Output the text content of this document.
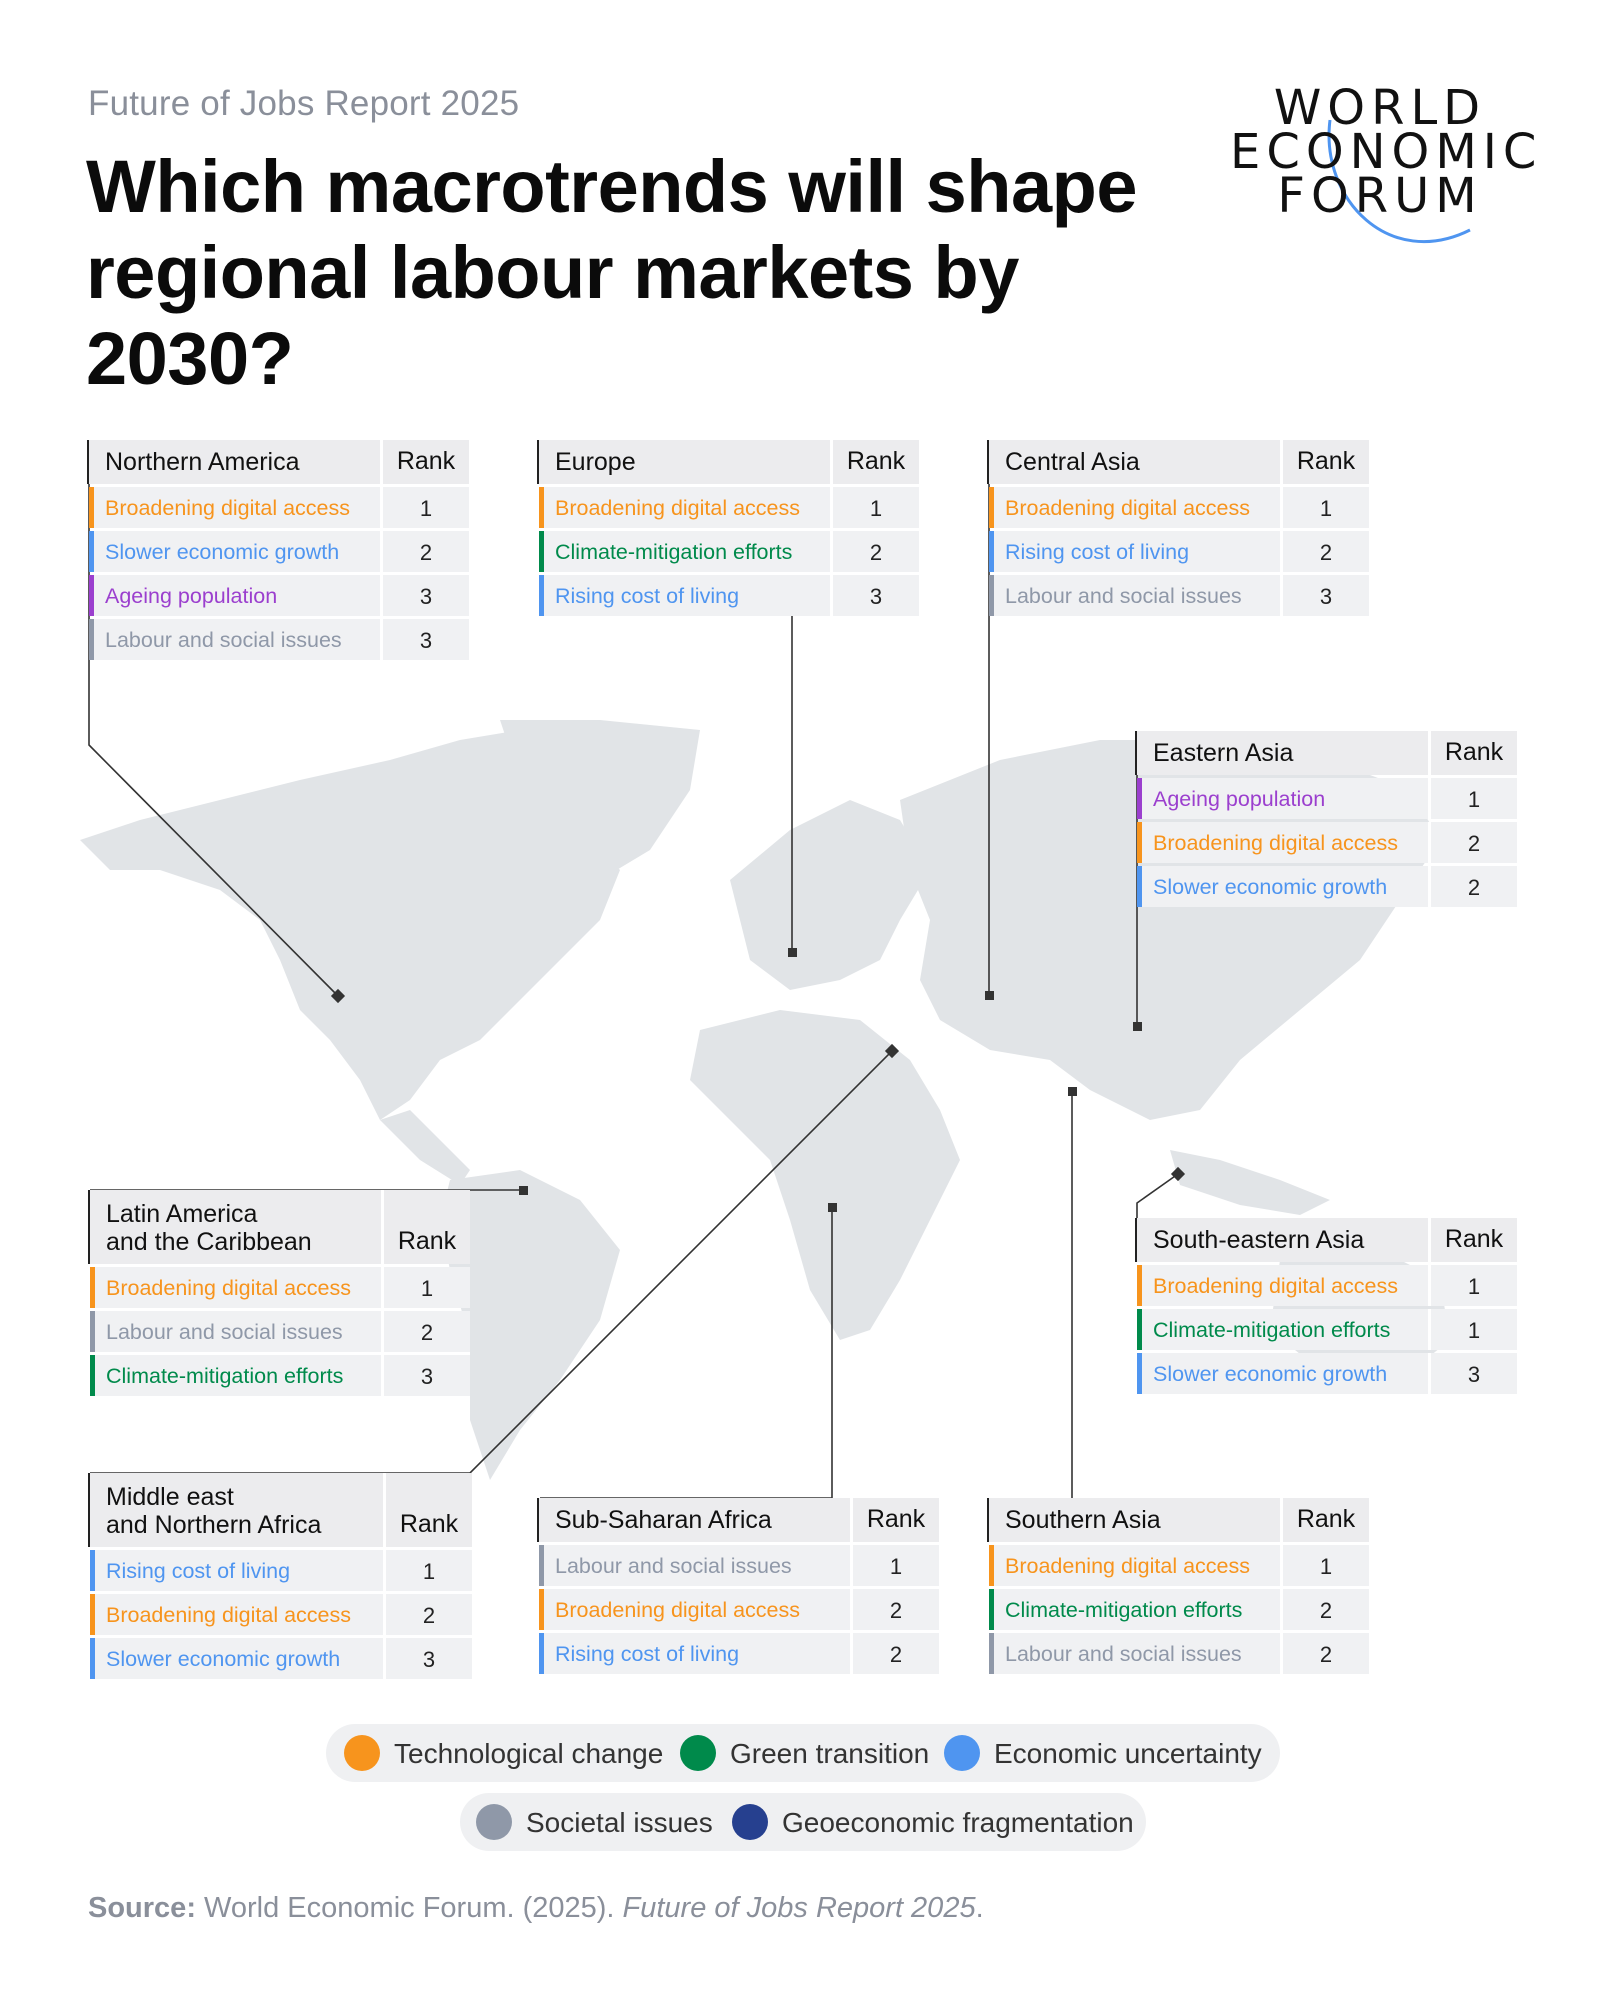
Future of Jobs Report 2025
Which macrotrends will shape regional labour markets by 2030?
WORLD
ECONOMIC
FORUM
Northern America	Rank
Broadening digital access	1
Slower economic growth	2
Ageing population	3
Labour and social issues	3
Europe	Rank
Broadening digital access	1
Climate-mitigation efforts	2
Rising cost of living	3
Central Asia	Rank
Broadening digital access	1
Rising cost of living	2
Labour and social issues	3
Eastern Asia	Rank
Ageing population	1
Broadening digital access	2
Slower economic growth	2
Latin America
and the Caribbean	Rank
Broadening digital access	1
Labour and social issues	2
Climate-mitigation efforts	3
South-eastern Asia	Rank
Broadening digital access	1
Climate-mitigation efforts	1
Slower economic growth	3
Middle east
and Northern Africa	Rank
Rising cost of living	1
Broadening digital access	2
Slower economic growth	3
Sub-Saharan Africa	Rank
Labour and social issues	1
Broadening digital access	2
Rising cost of living	2
Southern Asia	Rank
Broadening digital access	1
Climate-mitigation efforts	2
Labour and social issues	2
Technological change Green transition Economic uncertainty
Societal issues Geoeconomic fragmentation
Source: World Economic Forum. (2025). Future of Jobs Report 2025.
